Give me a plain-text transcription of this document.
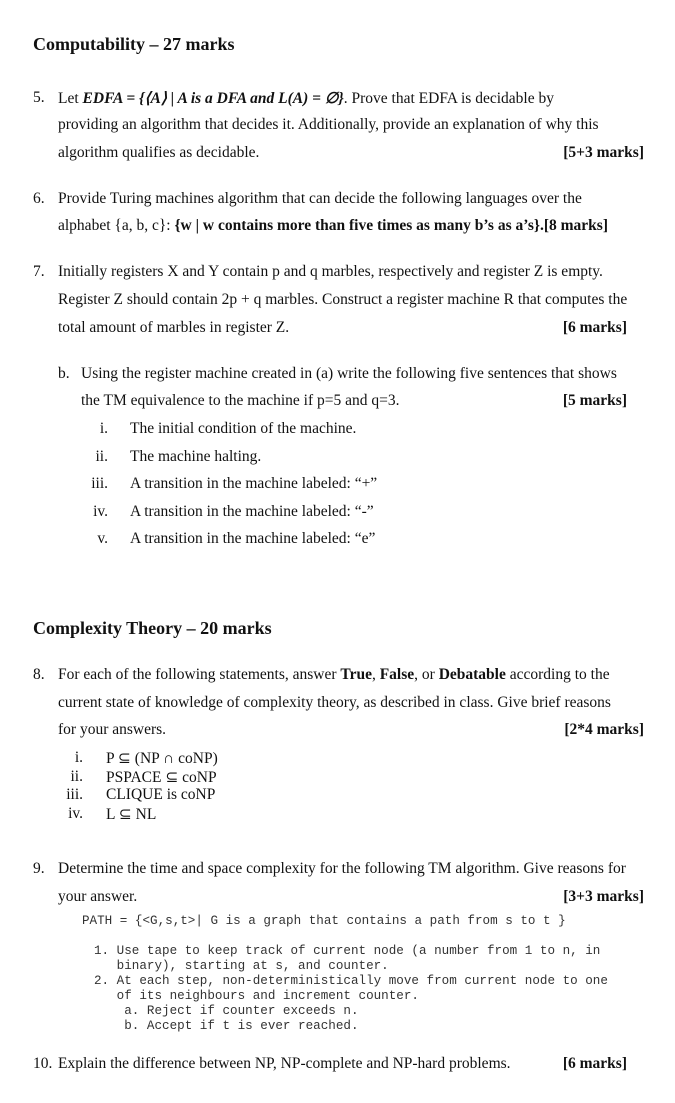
Computability – 27 marks
5. Let EDFA = {⟨A⟩ | A is a DFA and L(A) = ∅}. Prove that EDFA is decidable by
providing an algorithm that decides it. Additionally, provide an explanation of why this
algorithm qualifies as decidable.	[5+3 marks]
6. Provide Turing machines algorithm that can decide the following languages over the
alphabet {a, b, c}: {w | w contains more than five times as many b’s as a’s}.[8 marks]
7. Initially registers X and Y contain p and q marbles, respectively and register Z is empty.
Register Z should contain 2p + q marbles. Construct a register machine R that computes the
total amount of marbles in register Z.	[6 marks]
b. Using the register machine created in (a) write the following five sentences that shows
the TM equivalence to the machine if p=5 and q=3.	[5 marks]
i. The initial condition of the machine.
ii. The machine halting.
iii. A transition in the machine labeled: “+”
iv. A transition in the machine labeled: “-”
v. A transition in the machine labeled: “e”
Complexity Theory – 20 marks
8. For each of the following statements, answer True, False, or Debatable according to the
current state of knowledge of complexity theory, as described in class. Give brief reasons
for your answers.	[2*4 marks]
i. P ⊆ (NP ∩ coNP)
ii. PSPACE ⊆ coNP
iii. CLIQUE is coNP
iv. L ⊆ NL
9. Determine the time and space complexity for the following TM algorithm. Give reasons for
your answer.	[3+3 marks]
PATH = {<G,s,t>| G is a graph that contains a path from s to t }
1. Use tape to keep track of current node (a number from 1 to n, in
binary), starting at s, and counter.
2. At each step, non-deterministically move from current node to one
of its neighbours and increment counter.
a. Reject if counter exceeds n.
b. Accept if t is ever reached.
10. Explain the difference between NP, NP-complete and NP-hard problems.	[6 marks]
